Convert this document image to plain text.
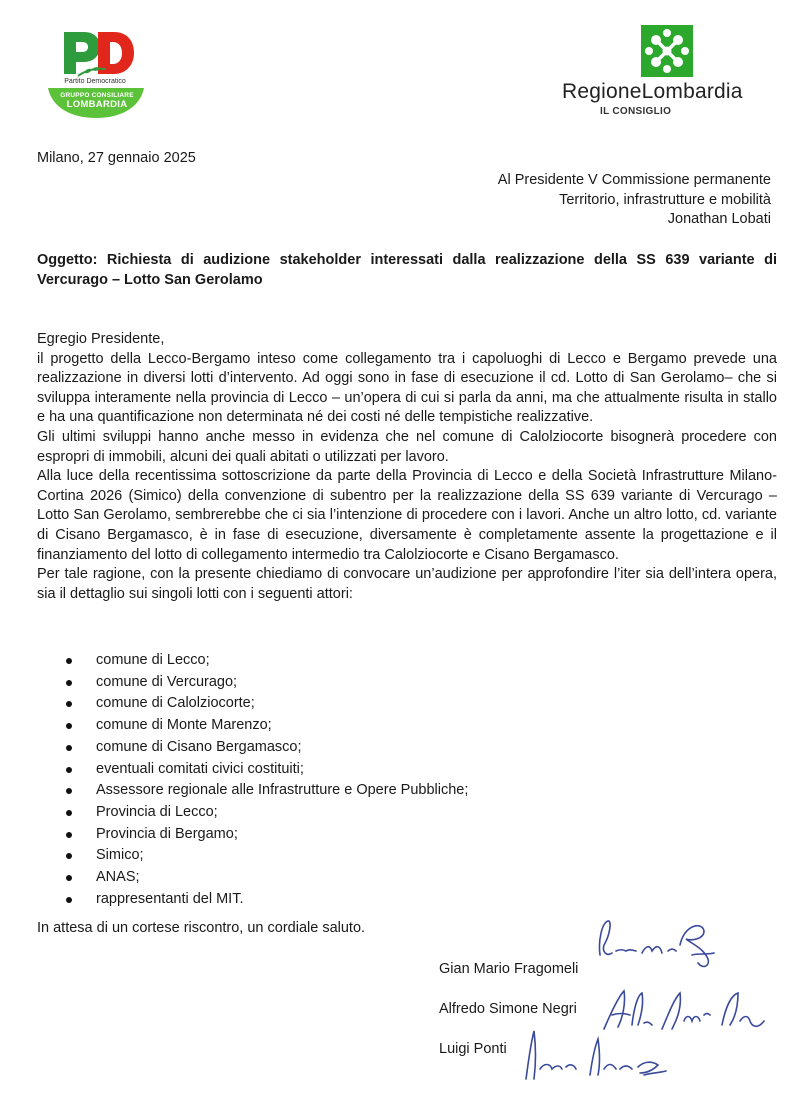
Partito Democratico
GRUPPO CONSILIARE
LOMBARDIA
RegioneLombardia
IL CONSIGLIO
Milano, 27 gennaio 2025
Al Presidente V Commissione permanente
Territorio, infrastrutture e mobilità
Jonathan Lobati
Oggetto: Richiesta di audizione stakeholder interessati dalla realizzazione della SS 639 variante di Vercurago – Lotto San Gerolamo

Egregio Presidente,

il progetto della Lecco-Bergamo inteso come collegamento tra i capoluoghi di Lecco e Bergamo prevede una realizzazione in diversi lotti d’intervento. Ad oggi sono in fase di esecuzione il cd. Lotto di San Gerolamo– che si sviluppa interamente nella provincia di Lecco – un’opera di cui si parla da anni, ma che attualmente risulta in stallo e ha una quantificazione non determinata né dei costi né delle tempistiche realizzative.

Gli ultimi sviluppi hanno anche messo in evidenza che nel comune di Calolziocorte bisognerà procedere con espropri di immobili, alcuni dei quali abitati o utilizzati per lavoro.

Alla luce della recentissima sottoscrizione da parte della Provincia di Lecco e della Società Infrastrutture Milano-Cortina 2026 (Simico) della convenzione di subentro per la realizzazione della SS 639 variante di Vercurago – Lotto San Gerolamo, sembrerebbe che ci sia l’intenzione di procedere con i lavori. Anche un altro lotto, cd. variante di Cisano Bergamasco, è in fase di esecuzione, diversamente è completamente assente la progettazione e il finanziamento del lotto di collegamento intermedio tra Calolziocorte e Cisano Bergamasco.

Per tale ragione, con la presente chiediamo di convocare un’audizione per approfondire l’iter sia dell’intera opera, sia il dettaglio sui singoli lotti con i seguenti attori:

comune di Lecco;
comune di Vercurago;
comune di Calolziocorte;
comune di Monte Marenzo;
comune di Cisano Bergamasco;
eventuali comitati civici costituiti;
Assessore regionale alle Infrastrutture e Opere Pubbliche;
Provincia di Lecco;
Provincia di Bergamo;
Simico;
ANAS;
rappresentanti del MIT.
In attesa di un cortese riscontro, un cordiale saluto.
Gian Mario Fragomeli
Alfredo Simone Negri
Luigi Ponti
